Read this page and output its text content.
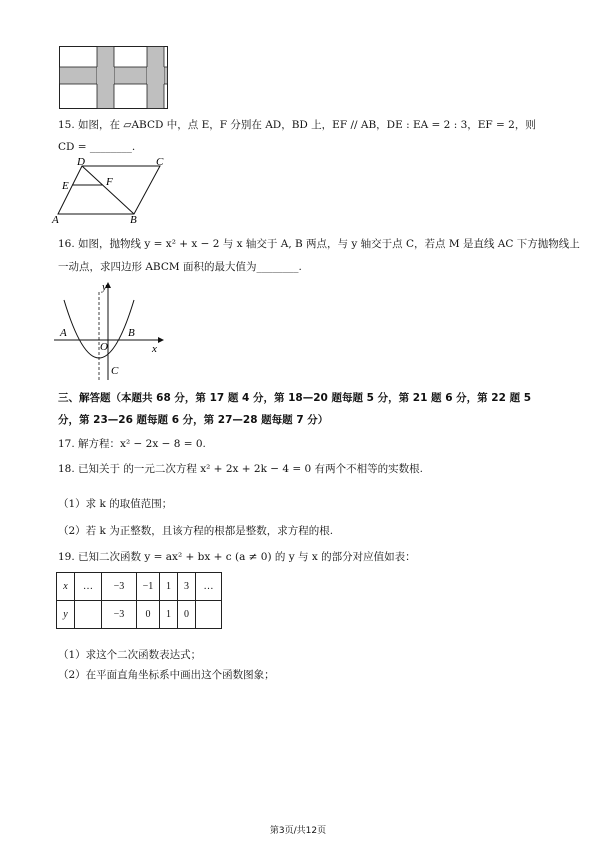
15. 如图，在 ▱ABCD 中，点 E，F 分别在 AD，BD 上，EF // AB，DE : EA = 2 : 3，EF = 2，则
CD = ________.
D	C
E	F
A	B
16. 如图，抛物线 y = x² + x − 2 与 x 轴交于 A, B 两点，与 y 轴交于点 C，若点 M 是直线 AC 下方抛物线上
一动点，求四边形 ABCM 面积的最大值为________.
y
x
A	B
O
C
三、解答题（本题共 68 分，第 17 题 4 分，第 18—20 题每题 5 分，第 21 题 6 分，第 22 题 5
分，第 23—26 题每题 6 分，第 27—28 题每题 7 分）
17. 解方程：x² − 2x − 8 = 0.
18. 已知关于 的一元二次方程 x² + 2x + 2k − 4 = 0 有两个不相等的实数根.
（1）求 k 的取值范围；
（2）若 k 为正整数，且该方程的根都是整数，求方程的根.
19. 已知二次函数 y = ax² + bx + c (a ≠ 0) 的 y 与 x 的部分对应值如表：
x	…	−3	−1	1	3	…
y		−3	0	1	0	
（1）求这个二次函数表达式；
（2）在平面直角坐标系中画出这个函数图象；
第3页/共12页
